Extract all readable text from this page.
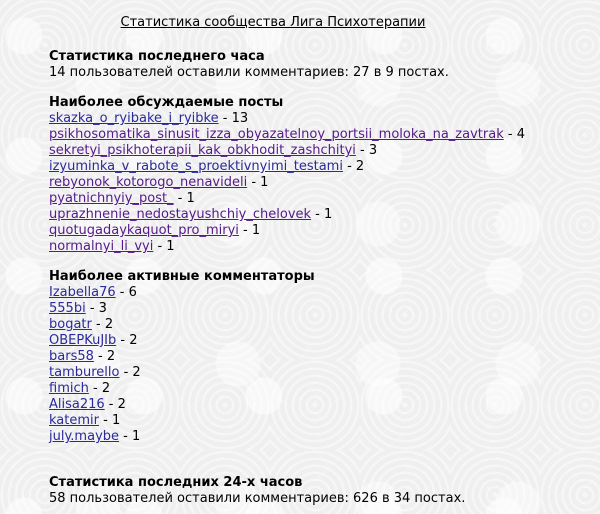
Статистика сообщества Лига Психотерапии
Статистика последнего часа
14 пользователей оставили комментариев: 27 в 9 постах.
Наиболее обсуждаемые посты
skazka_o_ryibake_i_ryibke - 13
psikhosomatika_sinusit_izza_obyazatelnoy_portsii_moloka_na_zavtrak - 4
sekretyi_psikhoterapii_kak_obkhodit_zashchityi - 3
izyuminka_v_rabote_s_proektivnyimi_testami - 2
rebyonok_kotorogo_nenavideli - 1
pyatnichnyiy_post_ - 1
uprazhnenie_nedostayushchiy_chelovek - 1
quotugadaykaquot_pro_miryi - 1
normalnyi_li_vyi - 1
Наиболее активные комментаторы
Izabella76 - 6
555bi - 3
bogatr - 2
OBEPKuJIb - 2
bars58 - 2
tamburello - 2
fimich - 2
Alisa216 - 2
katemir - 1
july.maybe - 1
Статистика последних 24-х часов
58 пользователей оставили комментариев: 626 в 34 постах.
